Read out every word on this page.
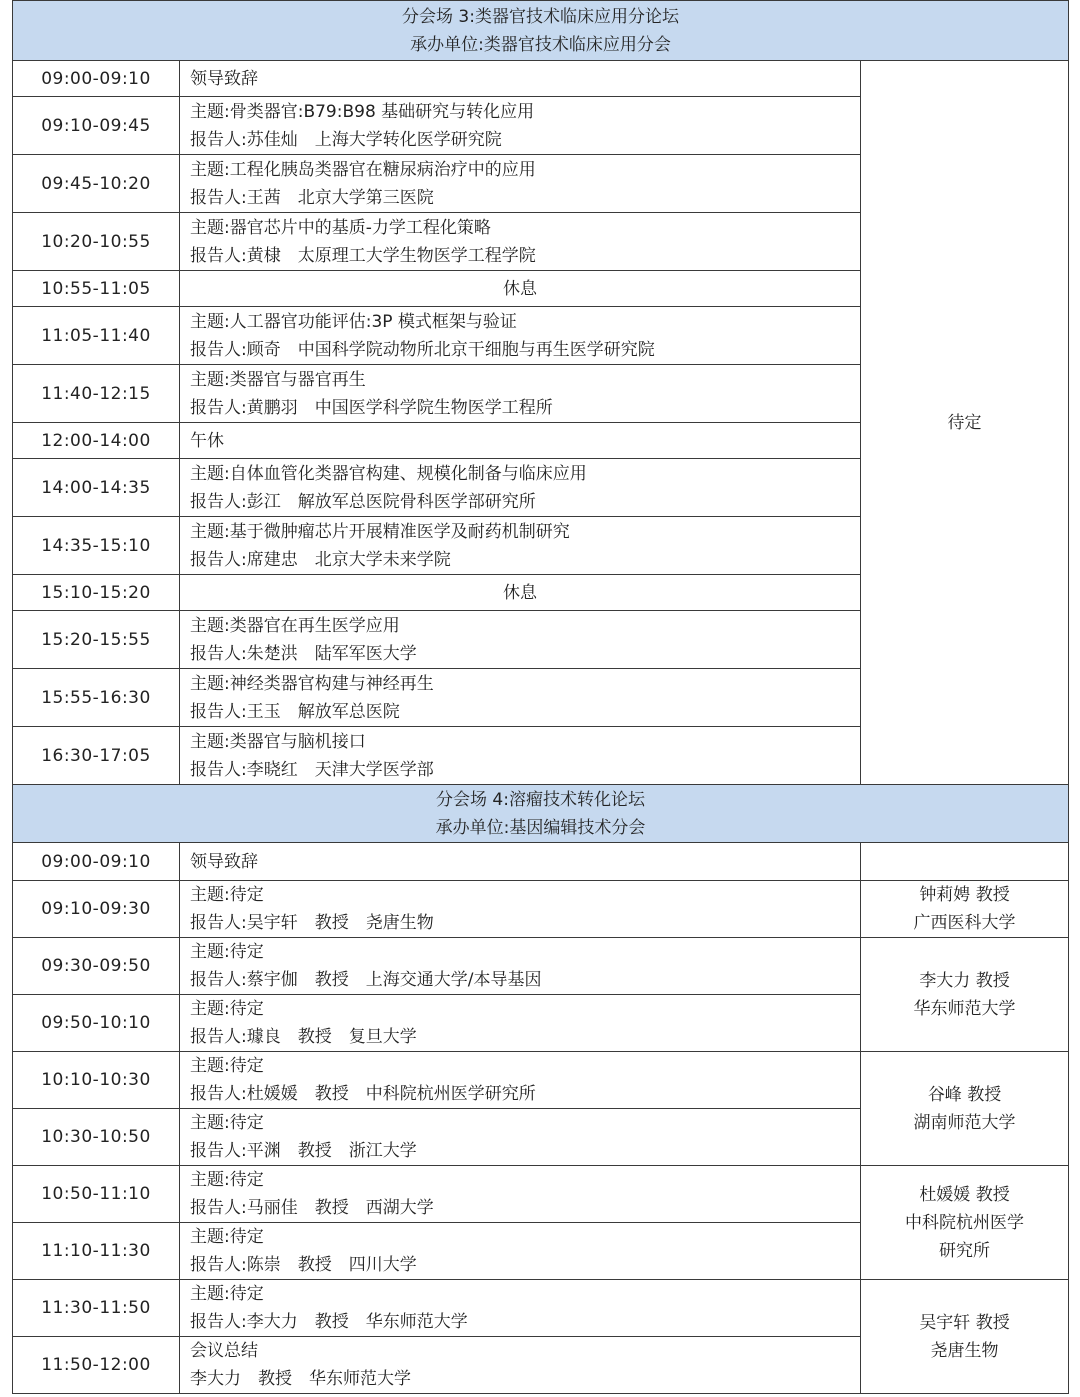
分会场 3:类器官技术临床应用分论坛
承办单位:类器官技术临床应用分会		

09:00-09:10	领导致辞	待定

09:10-09:45	主题:骨类器官:B79:B98 基础研究与转化应用
报告人:苏佳灿　上海大学转化医学研究院	

09:45-10:20	主题:工程化胰岛类器官在糖尿病治疗中的应用
报告人:王茜　北京大学第三医院	

10:20-10:55	主题:器官芯片中的基质-力学工程化策略
报告人:黄棣　太原理工大学生物医学工程学院	

10:55-11:05	休息	
11:05-11:40	主题:人工器官功能评估:3P 模式框架与验证
报告人:顾奇　中国科学院动物所北京干细胞与再生医学研究院	

11:40-12:15	主题:类器官与器官再生
报告人:黄鹏羽　中国医学科学院生物医学工程所	

12:00-14:00	午休	

14:00-14:35	主题:自体血管化类器官构建、规模化制备与临床应用
报告人:彭江　解放军总医院骨科医学部研究所	

14:35-15:10	主题:基于微肿瘤芯片开展精准医学及耐药机制研究
报告人:席建忠　北京大学未来学院	

15:10-15:20	休息	
15:20-15:55	主题:类器官在再生医学应用
报告人:朱楚洪　陆军军医大学	

15:55-16:30	主题:神经类器官构建与神经再生
报告人:王玉　解放军总医院	

16:30-17:05	主题:类器官与脑机接口
报告人:李晓红　天津大学医学部	

分会场 4:溶瘤技术转化论坛
承办单位:基因编辑技术分会		

09:00-09:10	领导致辞	

09:10-09:30	主题:待定
报告人:吴宇轩　教授　尧唐生物	钟莉娉 教授
广西医科大学

09:30-09:50	主题:待定
报告人:蔡宇伽　教授　上海交通大学/本导基因	李大力 教授
华东师范大学

09:50-10:10	主题:待定
报告人:璩良　教授　复旦大学	

10:10-10:30	主题:待定
报告人:杜媛媛　教授　中科院杭州医学研究所	谷峰 教授
湖南师范大学

10:30-10:50	主题:待定
报告人:平渊　教授　浙江大学	

10:50-11:10	主题:待定
报告人:马丽佳　教授　西湖大学	杜媛媛 教授
中科院杭州医学
研究所

11:10-11:30	主题:待定
报告人:陈崇　教授　四川大学	

11:30-11:50	主题:待定
报告人:李大力　教授　华东师范大学	吴宇轩 教授
尧唐生物

11:50-12:00	会议总结
李大力　教授　华东师范大学	
